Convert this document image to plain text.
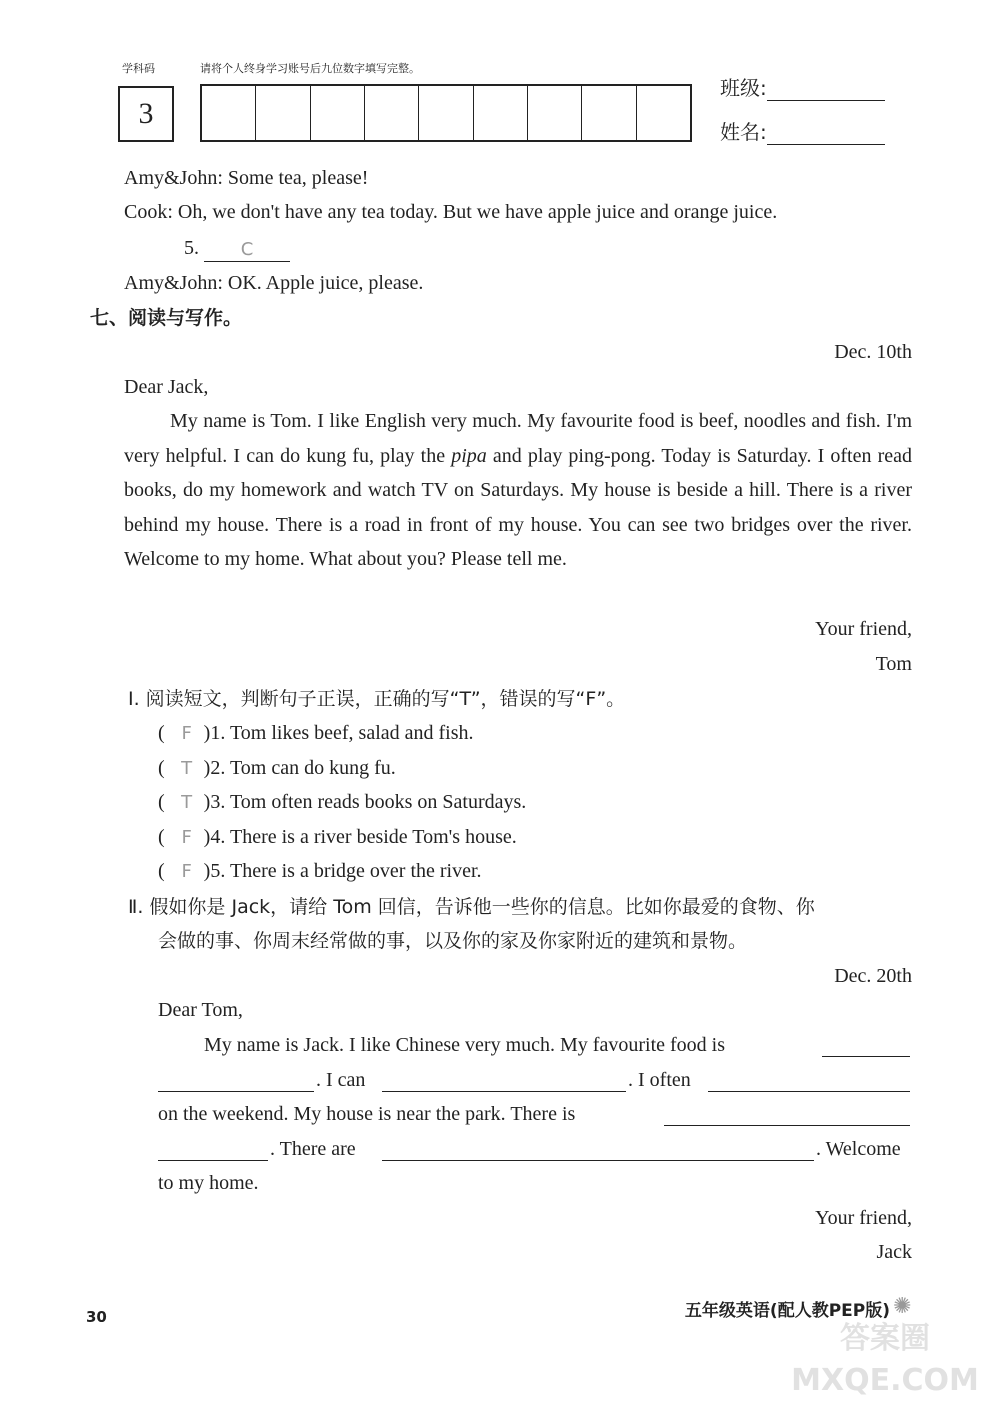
学科码	请将个人终身学习账号后九位数字填写完整。
3
班级:
姓名:
Amy&John: Some tea, please!
Cook: Oh, we don't have any tea today. But we have apple juice and orange juice.
5. C
Amy&John: OK. Apple juice, please.
七、阅读与写作。
Dec. 10th
Dear Jack,
My name is Tom. I like English very much. My favourite food is beef, noodles and fish. I'm very helpful. I can do kung fu, play the pipa and play ping-pong. Today is Saturday. I often read books, do my homework and watch TV on Saturdays. My house is beside a hill. There is a river behind my house. There is a road in front of my house. You can see two bridges over the river. Welcome to my home. What about you? Please tell me.
Your friend,
Tom
Ⅰ. 阅读短文，判断句子正误，正确的写“T”，错误的写“F”。
( F )1. Tom likes beef, salad and fish.
( T )2. Tom can do kung fu.
( T )3. Tom often reads books on Saturdays.
( F )4. There is a river beside Tom's house.
( F )5. There is a bridge over the river.
Ⅱ. 假如你是 Jack，请给 Tom 回信，告诉他一些你的信息。比如你最爱的食物、你
会做的事、你周末经常做的事，以及你的家及你家附近的建筑和景物。
Dec. 20th
Dear Tom,
My name is Jack. I like Chinese very much. My favourite food is
. I can	. I often
on the weekend. My house is near the park. There is
. There are	. Welcome
to my home.
Your friend,
Jack
30	五年级英语(配人教PEP版) ✺
答案圈 MXQE.COM
